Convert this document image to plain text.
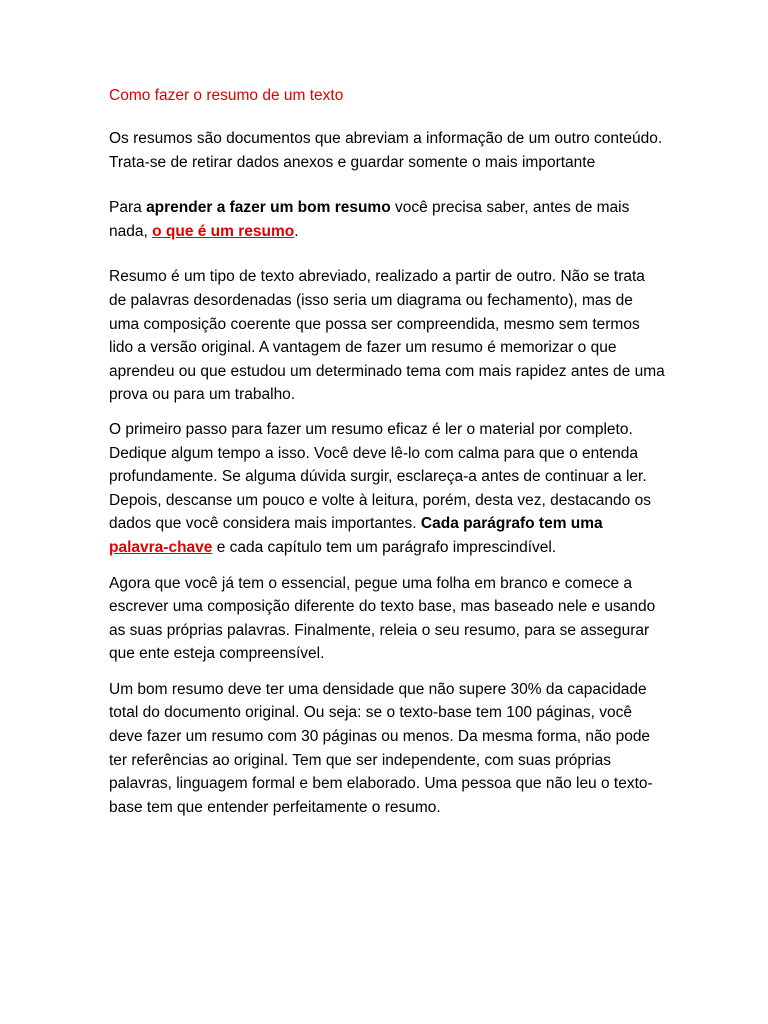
Como fazer o resumo de um texto

Os resumos são documentos que abreviam a informação de um outro conteúdo. Trata-se de retirar dados anexos e guardar somente o mais importante

Para aprender a fazer um bom resumo você precisa saber, antes de mais nada, o que é um resumo.

Resumo é um tipo de texto abreviado, realizado a partir de outro. Não se trata de palavras desordenadas (isso seria um diagrama ou fechamento), mas de uma composição coerente que possa ser compreendida, mesmo sem termos lido a versão original. A vantagem de fazer um resumo é memorizar o que aprendeu ou que estudou um determinado tema com mais rapidez antes de uma prova ou para um trabalho.

O primeiro passo para fazer um resumo eficaz é ler o material por completo. Dedique algum tempo a isso. Você deve lê-lo com calma para que o entenda profundamente. Se alguma dúvida surgir, esclareça-a antes de continuar a ler. Depois, descanse um pouco e volte à leitura, porém, desta vez, destacando os dados que você considera mais importantes. Cada parágrafo tem uma palavra-chave e cada capítulo tem um parágrafo imprescindível.

Agora que você já tem o essencial, pegue uma folha em branco e comece a escrever uma composição diferente do texto base, mas baseado nele e usando as suas próprias palavras. Finalmente, releia o seu resumo, para se assegurar que ente esteja compreensível.

Um bom resumo deve ter uma densidade que não supere 30% da capacidade total do documento original. Ou seja: se o texto-base tem 100 páginas, você deve fazer um resumo com 30 páginas ou menos. Da mesma forma, não pode ter referências ao original. Tem que ser independente, com suas próprias palavras, linguagem formal e bem elaborado. Uma pessoa que não leu o texto-base tem que entender perfeitamente o resumo.
